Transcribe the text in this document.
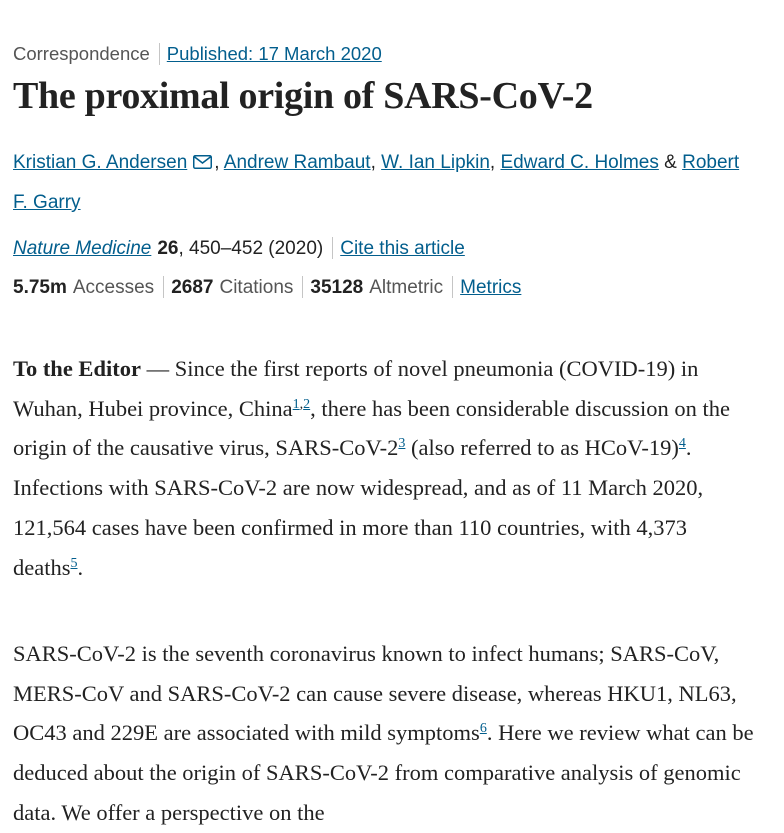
Correspondence Published: 17 March 2020
The proximal origin of SARS-CoV-2
Kristian G. Andersen , Andrew Rambaut, W. Ian Lipkin, Edward C. Holmes & Robert F. Garry
Nature Medicine 26, 450–452 (2020) Cite this article
5.75m Accesses 2687 Citations 35128 Altmetric Metrics

To the Editor — Since the first reports of novel pneumonia (COVID-19) in Wuhan, Hubei province, China$^{1,2}$, there has been considerable discussion on the origin of the causative virus, SARS-$CoV-2^3$ (also referred to as HCoV-19)$^4$. Infections with SARS-CoV-2 are now widespread, and as of 11 March 2020, 121,564 cases have been confirmed in more than 110 countries, with 4,373 deaths$^5$.

SARS-CoV-2 is the seventh coronavirus known to infect humans; SARS-CoV, MERS-CoV and SARS-CoV-2 can cause severe disease, whereas HKU1, NL63, OC43 and 229E are associated with mild symptoms$^6$. Here we review what can be deduced about the origin of SARS-CoV-2 from comparative analysis of genomic data. We offer a perspective on the
